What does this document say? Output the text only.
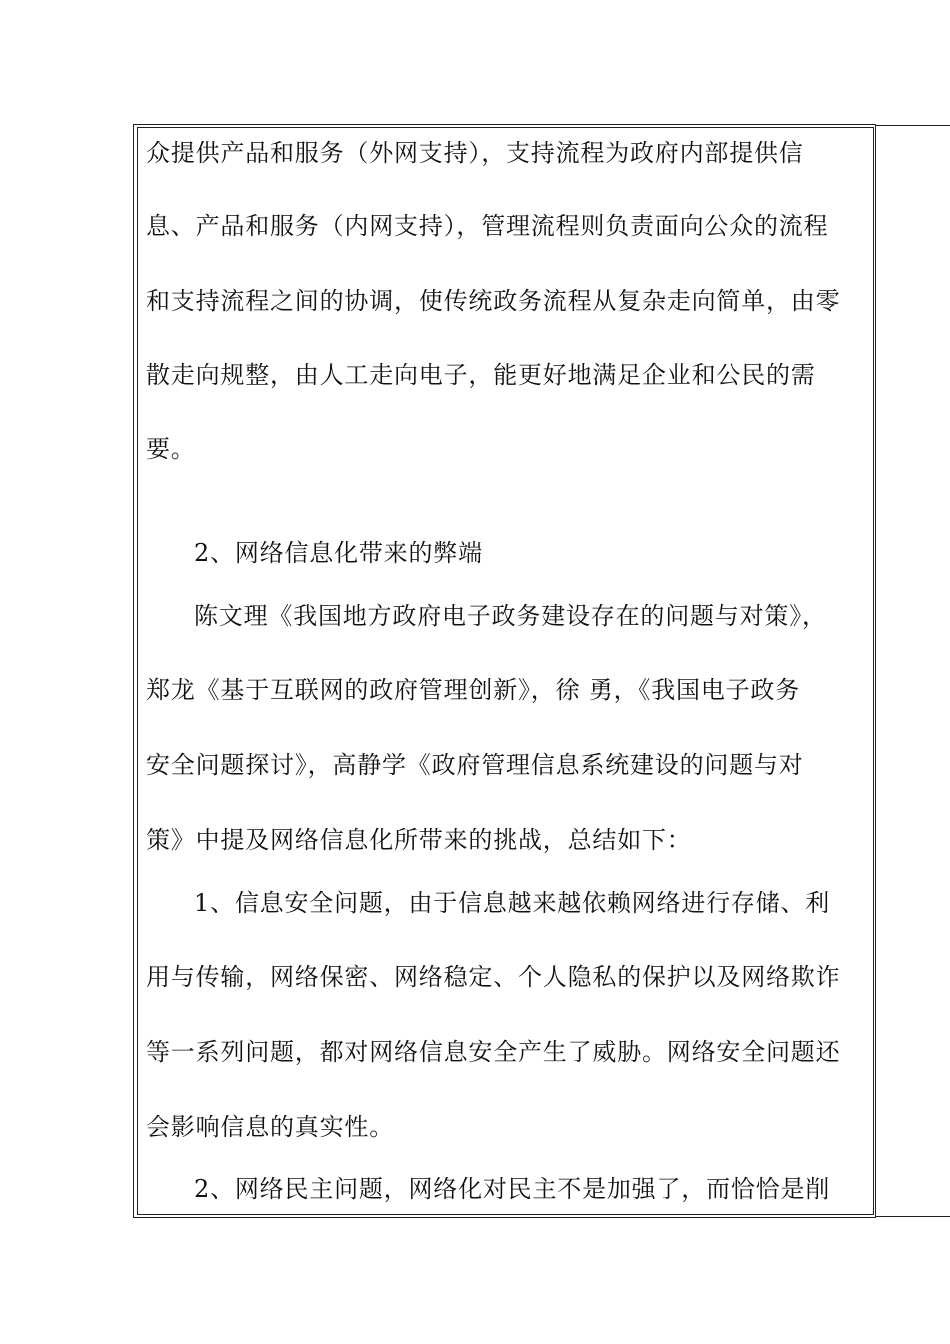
众提供产品和服务（外网支持），支持流程为政府内部提供信
息、产品和服务（内网支持），管理流程则负责面向公众的流程
和支持流程之间的协调，使传统政务流程从复杂走向简单，由零
散走向规整，由人工走向电子，能更好地满足企业和公民的需
要。
2、网络信息化带来的弊端
陈文理《我国地方政府电子政务建设存在的问题与对策》，
郑龙《基于互联网的政府管理创新》，徐 勇，《我国电子政务
安全问题探讨》，高静学《政府管理信息系统建设的问题与对
策》中提及网络信息化所带来的挑战，总结如下：
1、信息安全问题，由于信息越来越依赖网络进行存储、利
用与传输，网络保密、网络稳定、个人隐私的保护以及网络欺诈
等一系列问题，都对网络信息安全产生了威胁。网络安全问题还
会影响信息的真实性。
2、网络民主问题，网络化对民主不是加强了，而恰恰是削
